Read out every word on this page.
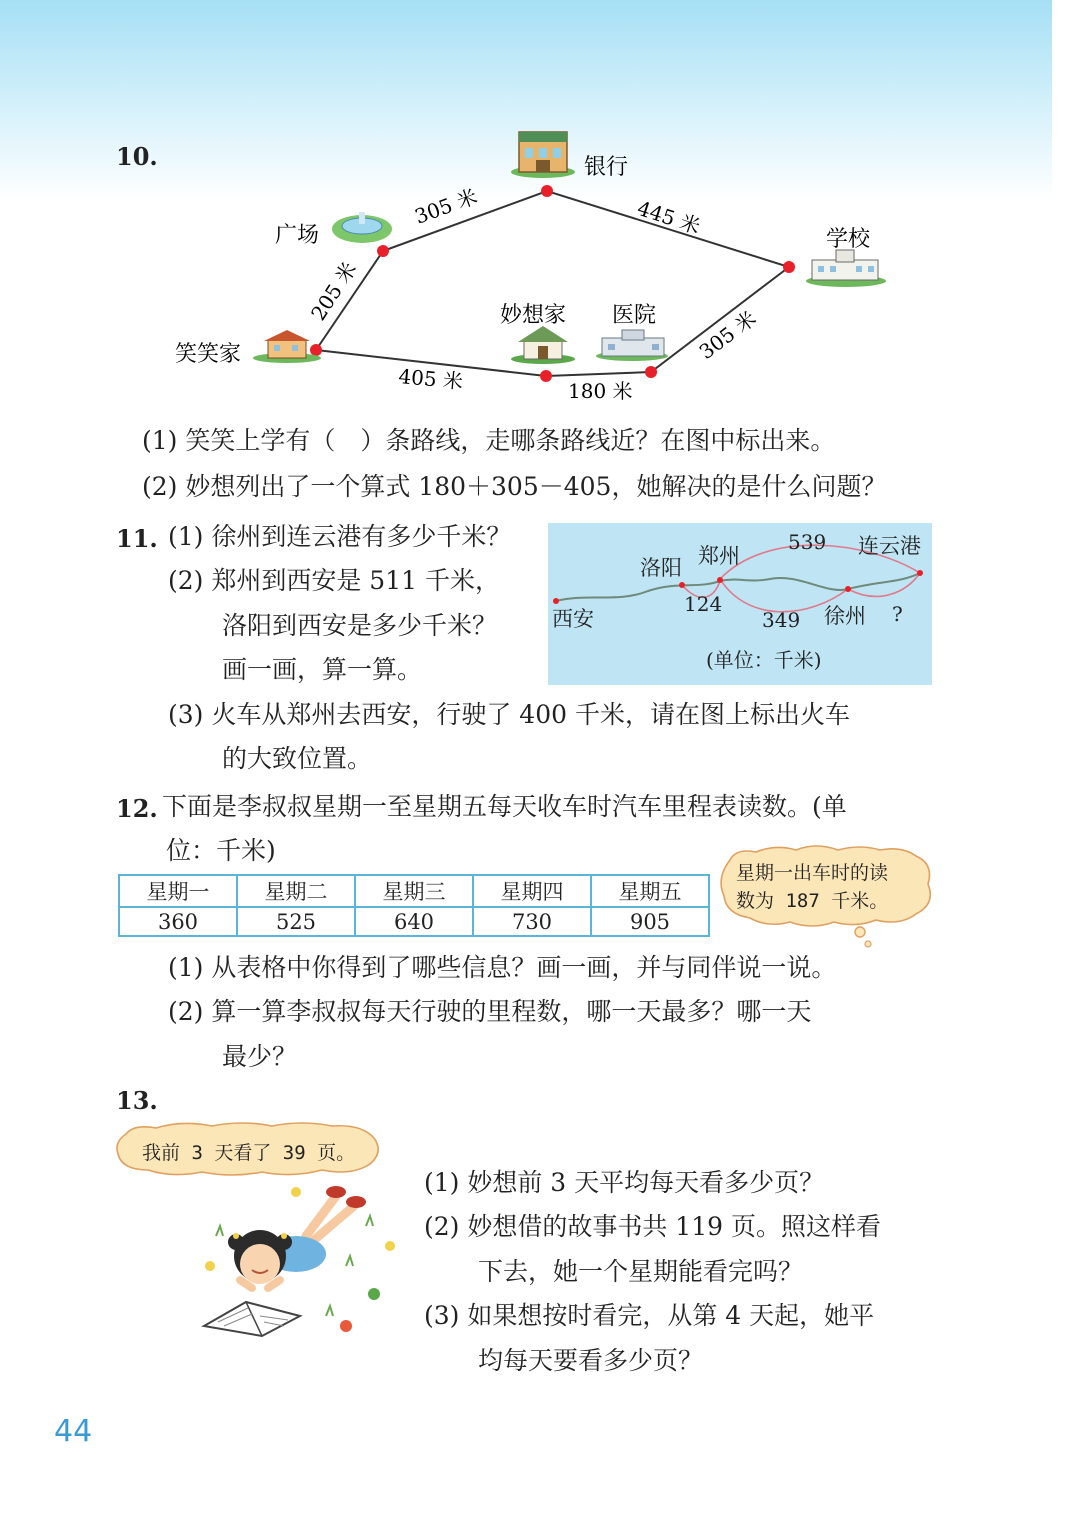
10.
305 米	445 米
205 米
405 米	180 米
305 米
银行
广场	学校
笑笑家
妙想家 医院
(1) 笑笑上学有（　）条路线，走哪条路线近？在图中标出来。
(2) 妙想列出了一个算式 180＋305－405，她解决的是什么问题？
11. (1) 徐州到连云港有多少千米？
(2) 郑州到西安是 511 千米，
洛阳到西安是多少千米？
画一画，算一算。
西安
洛阳 郑州	连云港
徐州
539
124
349	?
(单位：千米)
(3) 火车从郑州去西安，行驶了 400 千米，请在图上标出火车
的大致位置。
12. 下面是李叔叔星期一至星期五每天收车时汽车里程表读数。(单
位：千米)
星期一	星期二	星期三	星期四	星期五
360	525	640	730	905
星期一出车时的读
数为 187 千米。
(1) 从表格中你得到了哪些信息？画一画，并与同伴说一说。
(2) 算一算李叔叔每天行驶的里程数，哪一天最多？哪一天
最少？
13.
我前 3 天看了 39 页。
(1) 妙想前 3 天平均每天看多少页？
(2) 妙想借的故事书共 119 页。照这样看
下去，她一个星期能看完吗？
(3) 如果想按时看完，从第 4 天起，她平
均每天要看多少页？
44
